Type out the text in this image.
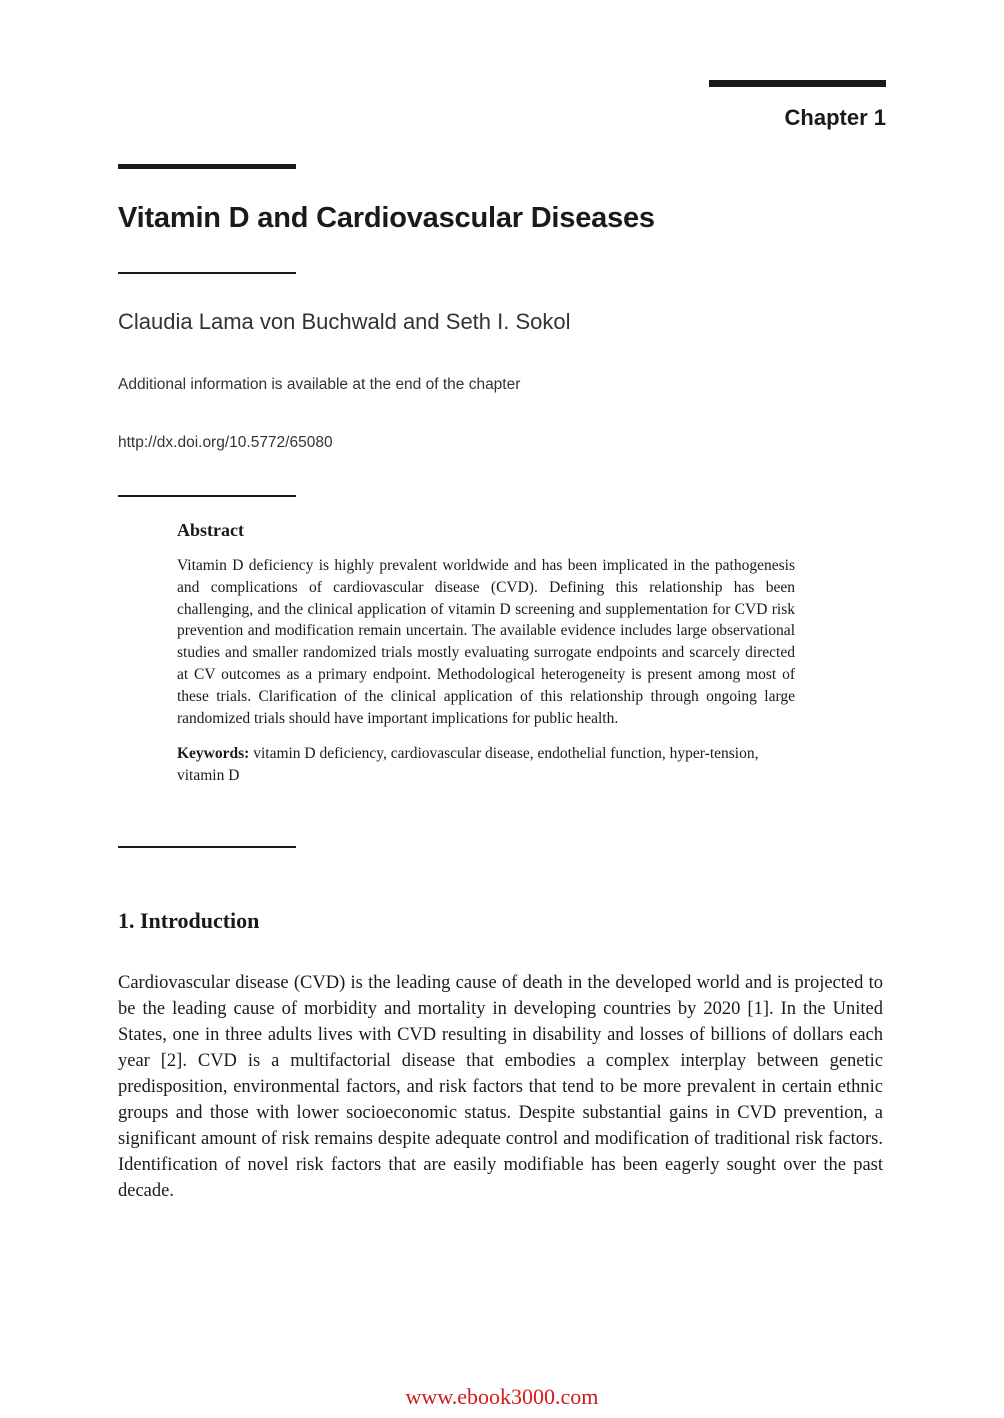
Chapter 1
Vitamin D and Cardiovascular Diseases
Claudia Lama von Buchwald and Seth I. Sokol
Additional information is available at the end of the chapter
http://dx.doi.org/10.5772/65080

Abstract

Vitamin D deficiency is highly prevalent worldwide and has been implicated in the pathogenesis and complications of cardiovascular disease (CVD). Defining this relationship has been challenging, and the clinical application of vitamin D screening and supplementation for CVD risk prevention and modification remain uncertain. The available evidence includes large observational studies and smaller randomized trials mostly evaluating surrogate endpoints and scarcely directed at CV outcomes as a primary endpoint. Methodological heterogeneity is present among most of these trials. Clarification of the clinical application of this relationship through ongoing large randomized trials should have important implications for public health.

Keywords: vitamin D deficiency, cardiovascular disease, endothelial function, hyper-tension, vitamin D

1. Introduction

Cardiovascular disease (CVD) is the leading cause of death in the developed world and is projected to be the leading cause of morbidity and mortality in developing countries by 2020 [1]. In the United States, one in three adults lives with CVD resulting in disability and losses of billions of dollars each year [2]. CVD is a multifactorial disease that embodies a complex interplay between genetic predisposition, environmental factors, and risk factors that tend to be more prevalent in certain ethnic groups and those with lower socioeconomic status. Despite substantial gains in CVD prevention, a significant amount of risk remains despite adequate control and modification of traditional risk factors. Identification of novel risk factors that are easily modifiable has been eagerly sought over the past decade.

www.ebook3000.com
